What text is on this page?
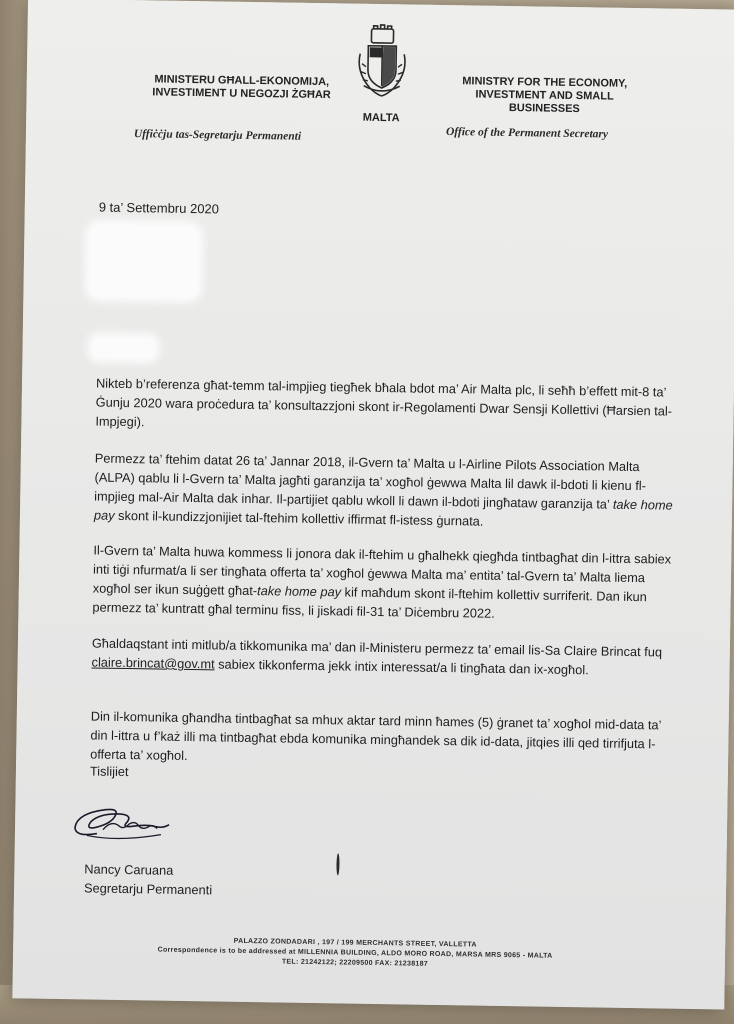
MINISTERU GĦALL-EKONOMIJA,
INVESTIMENT U NEGOZJI ŻGĦAR
MALTA
MINISTRY FOR THE ECONOMY,
INVESTMENT AND SMALL
BUSINESSES
Uffiċċju tas-Segretarju Permanenti	Office of the Permanent Secretary
9 ta’ Settembru 2020
Nikteb b’referenza għat-temm tal-impjieg tiegħek bħala bdot ma’ Air Malta plc, li seħħ b’effett mit-8 ta’ Ġunju 2020 wara proċedura ta’ konsultazzjoni skont ir-Regolamenti Dwar Sensji Kollettivi (Ħarsien tal-Impjegi).
Permezz ta’ ftehim datat 26 ta’ Jannar 2018, il-Gvern ta’ Malta u l-Airline Pilots Association Malta (ALPA) qablu li l-Gvern ta’ Malta jagħti garanzija ta’ xogħol ġewwa Malta lil dawk il-bdoti li kienu fl-impjieg mal-Air Malta dak inhar. Il-partijiet qablu wkoll li dawn il-bdoti jingħataw garanzija ta’ take home pay skont il-kundizzjonijiet tal-ftehim kollettiv iffirmat fl-istess ġurnata.
Il-Gvern ta’ Malta huwa kommess li jonora dak il-ftehim u għalhekk qiegħda tintbagħat din l-ittra sabiex inti tiġi nfurmat/a li ser tingħata offerta ta’ xogħol ġewwa Malta ma’ entita’ tal-Gvern ta’ Malta liema xogħol ser ikun suġġett għat-take home pay kif maħdum skont il-ftehim kollettiv surriferit. Dan ikun permezz ta’ kuntratt għal terminu fiss, li jiskadi fil-31 ta’ Diċembru 2022.
Għaldaqstant inti mitlub/a tikkomunika ma’ dan il-Ministeru permezz ta’ email lis-Sa Claire Brincat fuq claire.brincat@gov.mt sabiex tikkonferma jekk intix interessat/a li tingħata dan ix-xogħol.
Din il-komunika għandha tintbagħat sa mhux aktar tard minn ħames (5) ġranet ta’ xogħol mid-data ta’ din l-ittra u f’każ illi ma tintbagħat ebda komunika mingħandek sa dik id-data, jitqies illi qed tirrifjuta l-offerta ta’ xogħol.
Tislijiet
Nancy Caruana
Segretarju Permanenti
PALAZZO ZONDADARI , 197 / 199 MERCHANTS STREET, VALLETTA
Correspondence is to be addressed at MILLENNIA BUILDING, ALDO MORO ROAD, MARSA MRS 9065 - MALTA
TEL: 21242122; 22209500 FAX: 21238187
